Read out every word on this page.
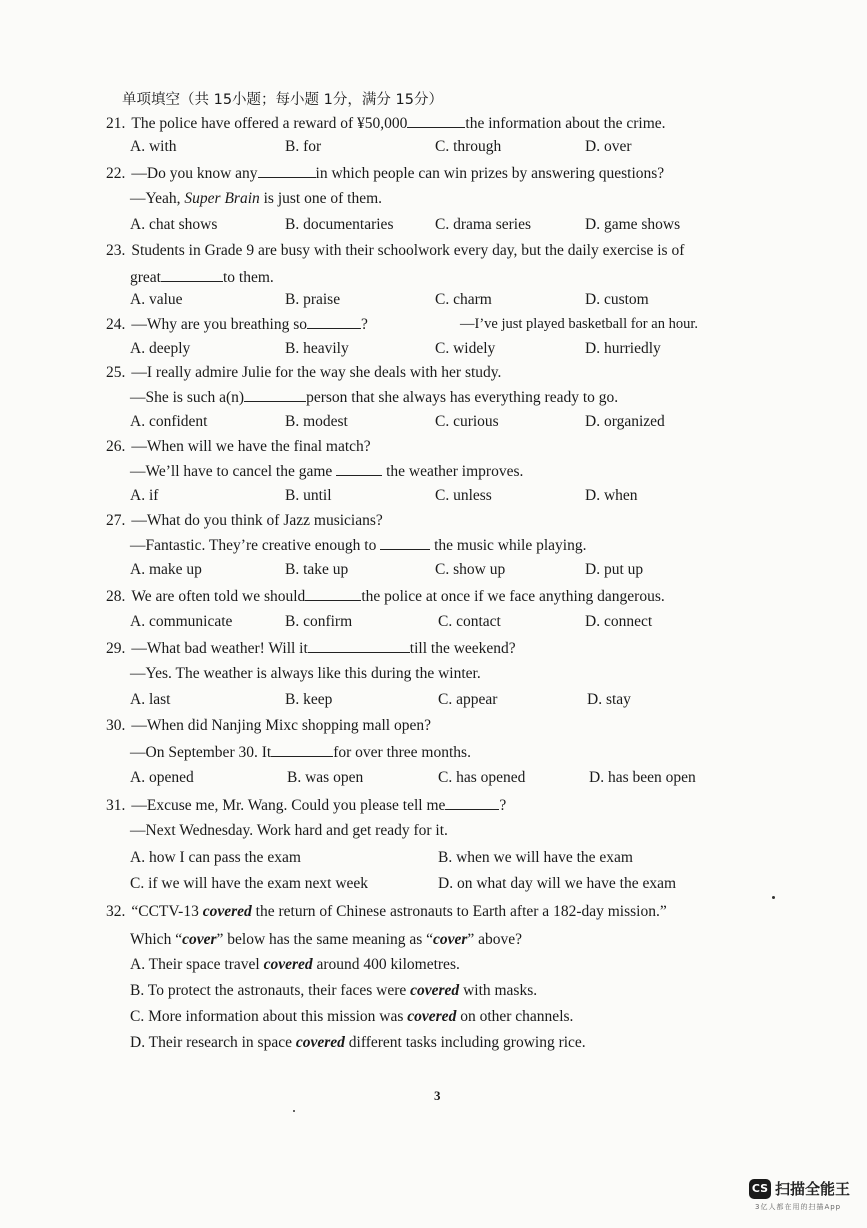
单项填空（共 15小题；每小题 1分，满分 15分）
21. The police have offered a reward of ¥50,000	the information about the crime.
A. with	B. for	C. through	D. over
22. —Do you know any	in which people can win prizes by answering questions?
—Yeah, Super Brain is just one of them.
A. chat shows	B. documentaries	C. drama series	D. game shows
23. Students in Grade 9 are busy with their schoolwork every day, but the daily exercise is of
great	to them.
A. value	B. praise	C. charm	D. custom
24. —Why are you breathing so	?	—I’ve just played basketball for an hour.
A. deeply	B. heavily	C. widely	D. hurriedly
25. —I really admire Julie for the way she deals with her study.
—She is such a(n)	person that she always has everything ready to go.
A. confident	B. modest	C. curious	D. organized
26. —When will we have the final match?
—We’ll have to cancel the game	the weather improves.
A. if	B. until	C. unless	D. when
27. —What do you think of Jazz musicians?
—Fantastic. They’re creative enough to	the music while playing.
A. make up	B. take up	C. show up	D. put up
28. We are often told we should	the police at once if we face anything dangerous.
A. communicate	B. confirm	C. contact	D. connect
29. —What bad weather! Will it	till the weekend?
—Yes. The weather is always like this during the winter.
A. last	B. keep	C. appear	D. stay
30. —When did Nanjing Mixc shopping mall open?
—On September 30. It	for over three months.
A. opened	B. was open	C. has opened	D. has been open
31. —Excuse me, Mr. Wang. Could you please tell me	?
—Next Wednesday. Work hard and get ready for it.
A. how I can pass the exam	B. when we will have the exam
C. if we will have the exam next week	D. on what day will we have the exam
32. “CCTV-13 covered the return of Chinese astronauts to Earth after a 182-day mission.”
Which “cover” below has the same meaning as “cover” above?
A. Their space travel covered around 400 kilometres.
B. To protect the astronauts, their faces were covered with masks.
C. More information about this mission was covered on other channels.
D. Their research in space covered different tasks including growing rice.
3
CS 扫描全能王
3亿人都在用的扫描App
